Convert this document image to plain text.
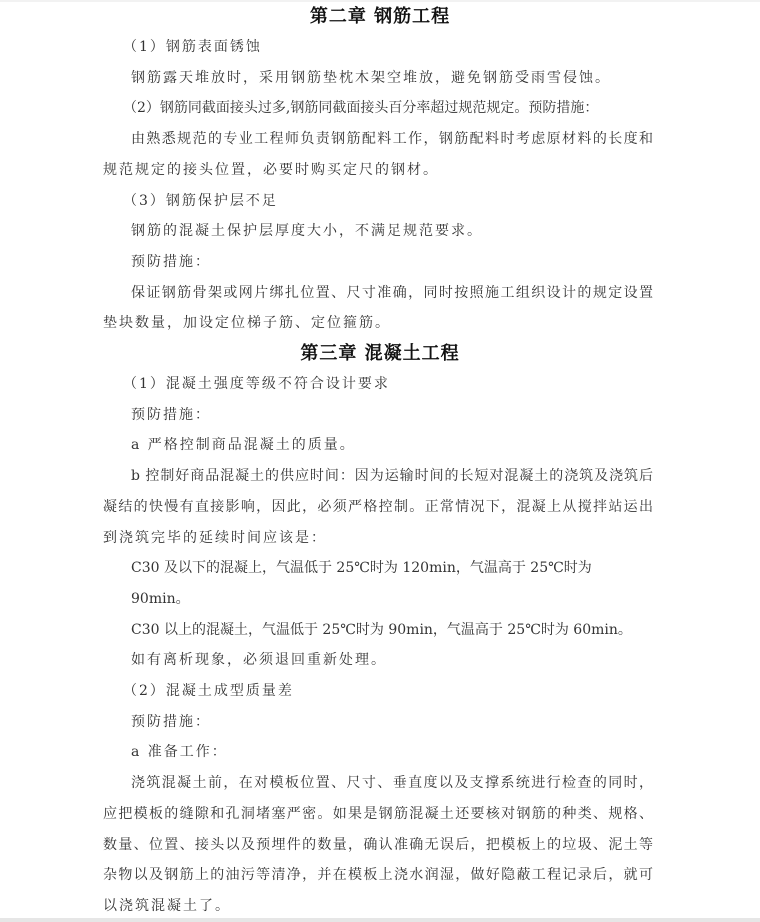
第二章 钢筋工程
（1）钢筋表面锈蚀
钢筋露天堆放时，采用钢筋垫枕木架空堆放，避免钢筋受雨雪侵蚀。
（2）钢筋同截面接头过多,钢筋同截面接头百分率超过规范规定。预防措施：
由熟悉规范的专业工程师负责钢筋配料工作，钢筋配料时考虑原材料的长度和
规范规定的接头位置，必要时购买定尺的钢材。
（3）钢筋保护层不足
钢筋的混凝土保护层厚度大小，不满足规范要求。
预防措施：
保证钢筋骨架或网片绑扎位置、尺寸准确，同时按照施工组织设计的规定设置
垫块数量，加设定位梯子筋、定位箍筋。
第三章 混凝土工程
（1）混凝土强度等级不符合设计要求
预防措施：
a 严格控制商品混凝土的质量。
b 控制好商品混凝土的供应时间：因为运输时间的长短对混凝土的浇筑及浇筑后
凝结的快慢有直接影响，因此，必须严格控制。正常情况下，混凝上从搅拌站运出
到浇筑完毕的延续时间应该是：
C30 及以下的混凝上，气温低于 25℃时为 120min，气温高于 25℃时为 90min。
C30 以上的混凝土，气温低于 25℃时为 90min，气温高于 25℃时为 60min。
如有离析现象，必须退回重新处理。
（2）混凝土成型质量差
预防措施：
a 准备工作：
浇筑混凝土前，在对模板位置、尺寸、垂直度以及支撑系统进行检查的同时，
应把模板的缝隙和孔洞堵塞严密。如果是钢筋混凝土还要核对钢筋的种类、规格、
数量、位置、接头以及预埋件的数量，确认准确无误后，把模板上的垃圾、泥土等
杂物以及钢筋上的油污等清净，并在模板上浇水润湿，做好隐蔽工程记录后，就可
以浇筑混凝土了。
